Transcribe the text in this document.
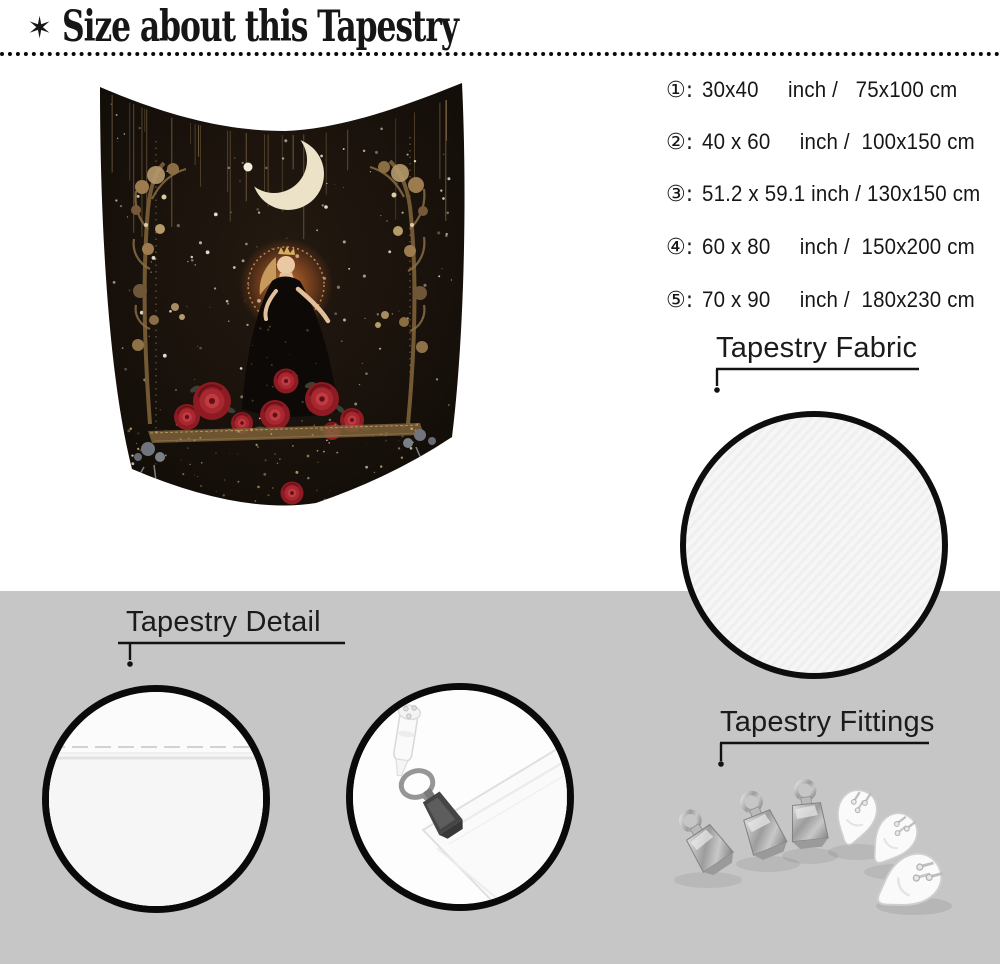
✶ Size about this Tapestry
①: 30x40     inch /   75x100 cm
②: 40 x 60     inch /  100x150 cm
③: 51.2 x 59.1 inch / 130x150 cm
④: 60 x 80     inch /  150x200 cm
⑤: 70 x 90     inch /  180x230 cm
Tapestry Fabric
Tapestry Detail
Tapestry Fittings
